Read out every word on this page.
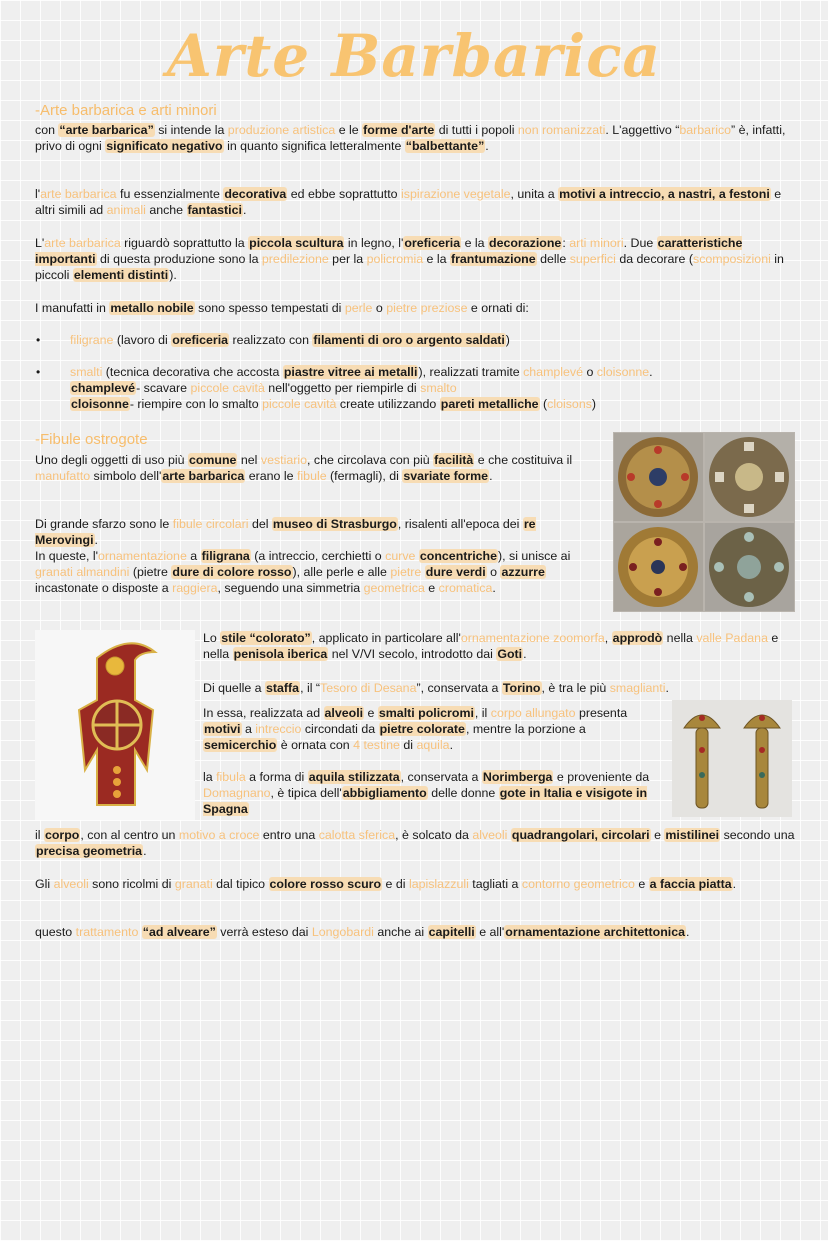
Arte Barbarica
-Arte barbarica e arti minori
con “arte barbarica” si intende la produzione artistica e le forme d'arte di tutti i popoli non romanizzati. L'aggettivo “barbarico” è, infatti, privo di ogni significato negativo in quanto significa letteralmente “balbettante”.
l'arte barbarica fu essenzialmente decorativa ed ebbe soprattutto ispirazione vegetale, unita a motivi a intreccio, a nastri, a festoni e altri simili ad animali anche fantastici.
L'arte barbarica riguardò soprattutto la piccola scultura in legno, l'oreficeria e la decorazione: arti minori. Due caratteristiche importanti di questa produzione sono la predilezione per la policromia e la frantumazione delle superfici da decorare (scomposizioni in piccoli elementi distinti).
I manufatti in metallo nobile sono spesso tempestati di perle o pietre preziose e ornati di:
• filigrane (lavoro di oreficeria realizzato con filamenti di oro o argento saldati)
• smalti (tecnica decorativa che accosta piastre vitree ai metalli), realizzati tramite champlevé o cloisonne.
champlevé- scavare piccole cavità nell'oggetto per riempirle di smalto
cloisonne- riempire con lo smalto piccole cavità create utilizzando pareti metalliche (cloisons)
-Fibule ostrogote
Uno degli oggetti di uso più comune nel vestiario, che circolava con più facilità e che costituiva il manufatto simbolo dell'arte barbarica erano le fibule (fermagli), di svariate forme.
Di grande sfarzo sono le fibule circolari del museo di Strasburgo, risalenti all'epoca dei re Merovingi.
In queste, l'ornamentazione a filigrana (a intreccio, cerchietti o curve concentriche), si unisce ai granati almandini (pietre dure di colore rosso), alle perle e alle pietre dure verdi o azzurre incastonate o disposte a raggiera, seguendo una simmetria geometrica e cromatica.
Lo stile “colorato”, applicato in particolare all'ornamentazione zoomorfa, approdò nella valle Padana e nella penisola iberica nel V/VI secolo, introdotto dai Goti.
Di quelle a staffa, il “Tesoro di Desana”, conservata a Torino, è tra le più smaglianti.
In essa, realizzata ad alveoli e smalti policromi, il corpo allungato presenta motivi a intreccio circondati da pietre colorate, mentre la porzione a semicerchio è ornata con 4 testine di aquila.
la fibula a forma di aquila stilizzata, conservata a Norimberga e proveniente da Domagnano, è tipica dell'abbigliamento delle donne gote in Italia e visigote in Spagna
il corpo, con al centro un motivo a croce entro una calotta sferica, è solcato da alveoli quadrangolari, circolari e mistilinei secondo una precisa geometria.
Gli alveoli sono ricolmi di granati dal tipico colore rosso scuro e di lapislazzuli tagliati a contorno geometrico e a faccia piatta.
questo trattamento “ad alveare” verrà esteso dai Longobardi anche ai capitelli e all'ornamentazione architettonica.
